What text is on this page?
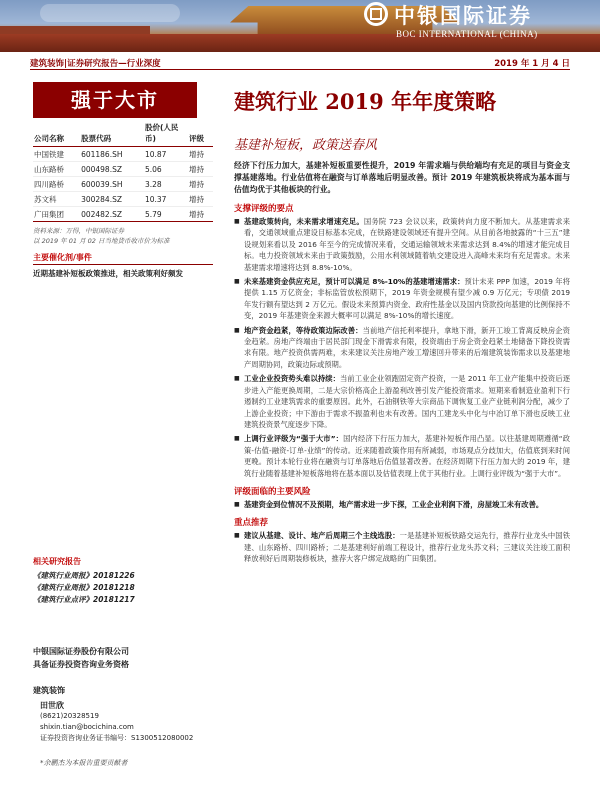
中银国际证券
BOC INTERNATIONAL (CHINA)
建筑装饰|证券研究报告—行业深度	2019 年 1 月 4 日
强于大市	建筑行业 2019 年年度策略
基建补短板，政策送春风
公司名称	股票代码	股价(人民币)	评级
中国铁建	601186.SH	10.87	增持
山东路桥	000498.SZ	5.06	增持
四川路桥	600039.SH	3.28	增持
苏文科	300284.SZ	10.37	增持
广田集团	002482.SZ	5.79	增持
资料来源：万得，中银国际证券
以 2019 年 01 月 02 日当地货币收市价为标准
主要催化剂/事件
近期基建补短板政策推进，相关政策利好频发
相关研究报告
《建筑行业周报》20181226
《建筑行业周报》20181218
《建筑行业点评》20181217
中银国际证券股份有限公司
具备证券投资咨询业务资格
建筑装饰
田世欣
(8621)20328519
shixin.tian@bocichina.com
证券投资咨询业务证书编号：S1300512080002
*余鹏杰为本报告重要贡献者

经济下行压力加大，基建补短板重要性提升，2019 年需求端与供给端均有充足的项目与资金支撑基建落地。行业估值将在融资与订单落地后明显改善。预计 2019 年建筑板块将成为基本面与估值均优于其他板块的行业。

支撑评级的要点
■ 基建政策转向，未来需求增速充足。国务院 723 会议以来，政策转向力度不断加大。从基建需求来看，交通领域重点建设目标基本完成，在铁路建设领域还有提升空间。从目前各地披露的“十三五”建设规划来看以及 2016 年至今的完成情况来看，交通运输领域未来需求达到 8.4%的增速才能完成目标。电力投资领域未来由于政策鼓励，公用水利领域随着轨交建设进入高峰未来均有充足需求。未来基建需求增速将达到 8.8%-10%。
■ 未来基建资金供应充足，预计可以满足 8%-10%的基建增速需求：预计未来 PPP 加速，2019 年将提供 1.15 万亿资金；非标监管放松预期下，2019 年资金规模有望少减 0.9 万亿元；专项债 2019 年发行额有望达到 2 万亿元。假设未来预算内资金、政府性基金以及国内贷款投向基建的比例保持不变，2019 年基建资金来源大概率可以满足 8%-10%的增长速度。
■ 地产资金趋紧，等待政策边际改善：当前地产信托利率提升，拿地下滑，新开工竣工背离反映房企资金趋紧。房地产终端由于居民部门现金下滑需求有限，投资端由于房企资金趋紧土地储备下降投资需求有限。地产投资供需两难，未来建议关注房地产竣工增速回升带来的后端建筑装饰需求以及基建地产周期协同，政策边际或预期。
■ 工业企业投资势头难以持续：当前工业企业领跑固定资产投资，一是 2011 年工业产能集中投资后逐步进入产能更换周期，二是大宗价格高企上游盈利改善引发产能投资需求。短期来看制造业盈利下行遏制约工业建筑需求的重要原因。此外，石油钢铁等大宗商品下调恢复工业产业链利润分配，减少了上游企业投资；中下游由于需求不振盈利也未有改善。国内工建龙头中化与中冶订单下滑也反映工业建筑投资景气度逐步下降。
■ 上调行业评级为“强于大市”：国内经济下行压力加大，基建补短板作用凸显。以往基建周期遵循“政策-估值-融资-订单-业绩”的传动。近来随着政策作用有所减弱，市场观点分歧加大，估值底到来时间更晚。预计本轮行业将在融资与订单落地后估值显著改善。在经济周期下行压力加大的 2019 年，建筑行业随着基建补短板落地将在基本面以及估值表现上优于其他行业。上调行业评级为“强于大市”。
评级面临的主要风险
■ 基建资金到位情况不及预期，地产需求进一步下探，工业企业利润下滑，房屋竣工未有改善。
重点推荐
■ 建议从基建、设计、地产后周期三个主线选股：一是基建补短板铁路交运先行，推荐行业龙头中国铁建、山东路桥、四川路桥；二是基建利好前端工程设计，推荐行业龙头苏文科；三建议关注竣工面积释放利好后周期装修板块，推荐大客户绑定战略的广田集团。
